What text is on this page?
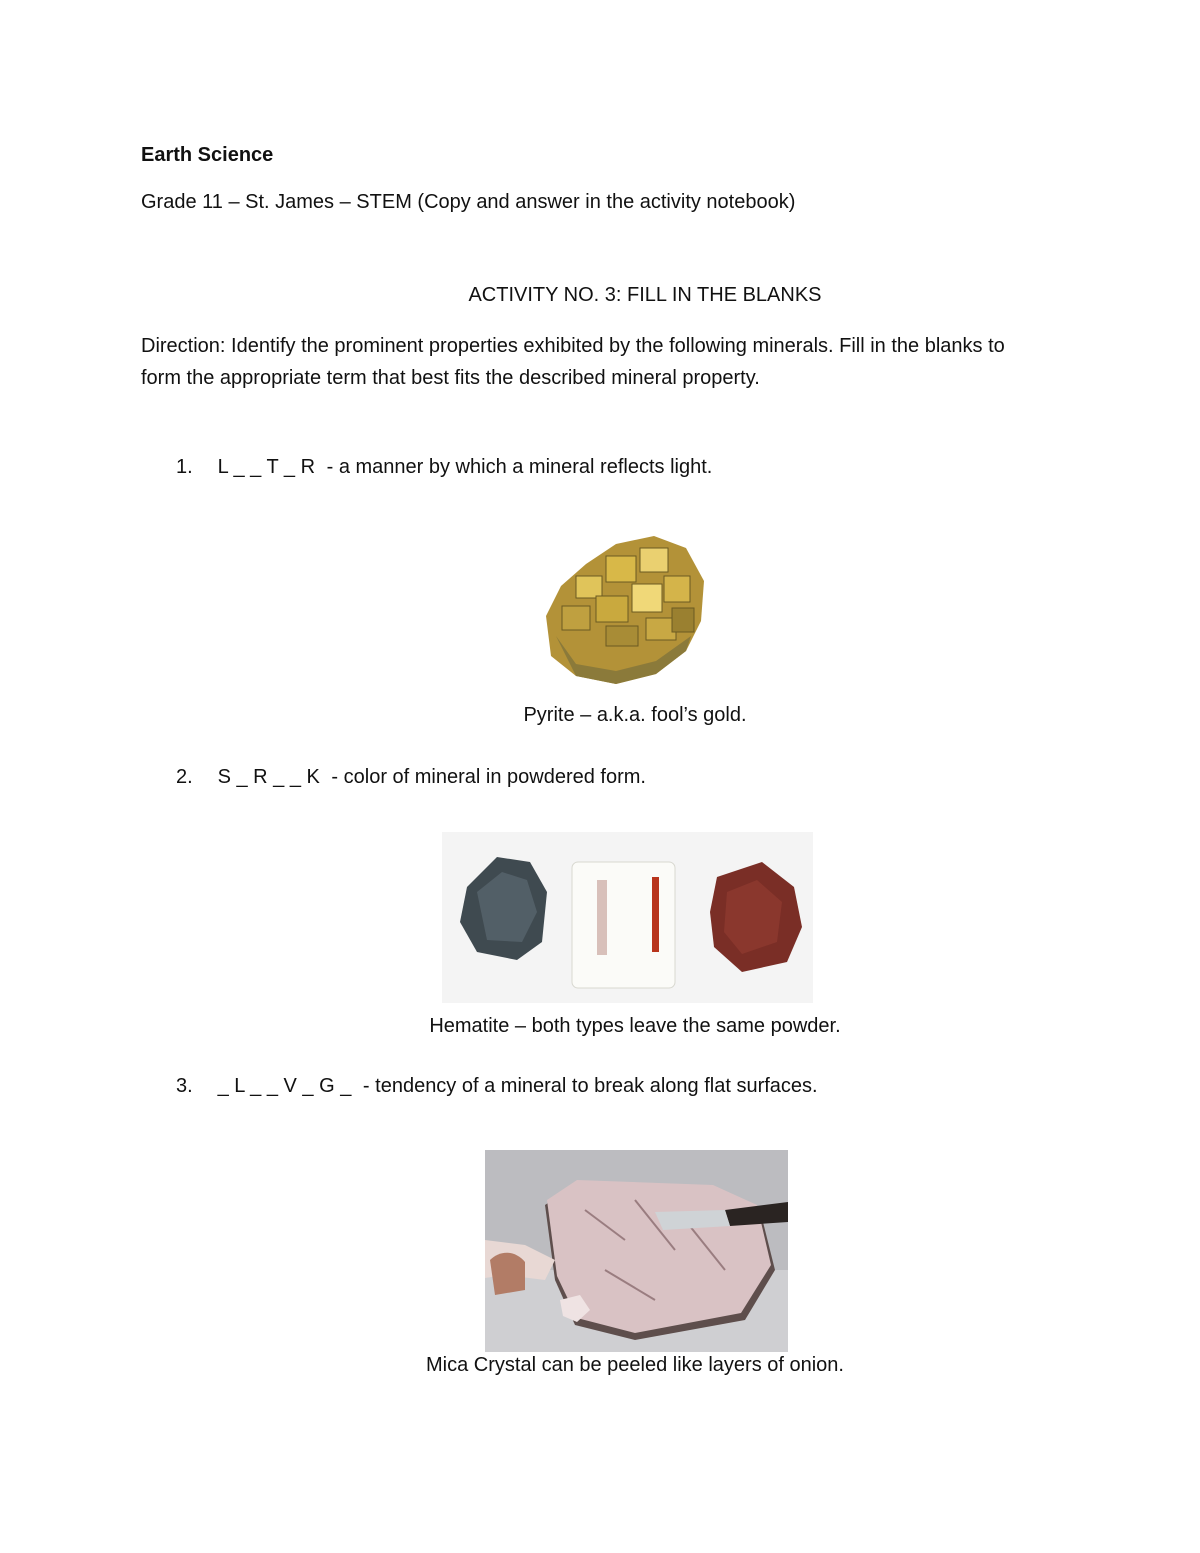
Earth Science
Grade 11 – St. James – STEM (Copy and answer in the activity notebook)
ACTIVITY NO. 3: FILL IN THE BLANKS
Direction: Identify the prominent properties exhibited by the following minerals. Fill in the blanks to form the appropriate term that best fits the described mineral property.
1. L _ _ T _ R - a manner by which a mineral reflects light.
Pyrite – a.k.a. fool’s gold.
2. S _ R _ _ K - color of mineral in powdered form.
Hematite – both types leave the same powder.
3. _ L _ _ V _ G _ - tendency of a mineral to break along flat surfaces.
Mica Crystal can be peeled like layers of onion.
